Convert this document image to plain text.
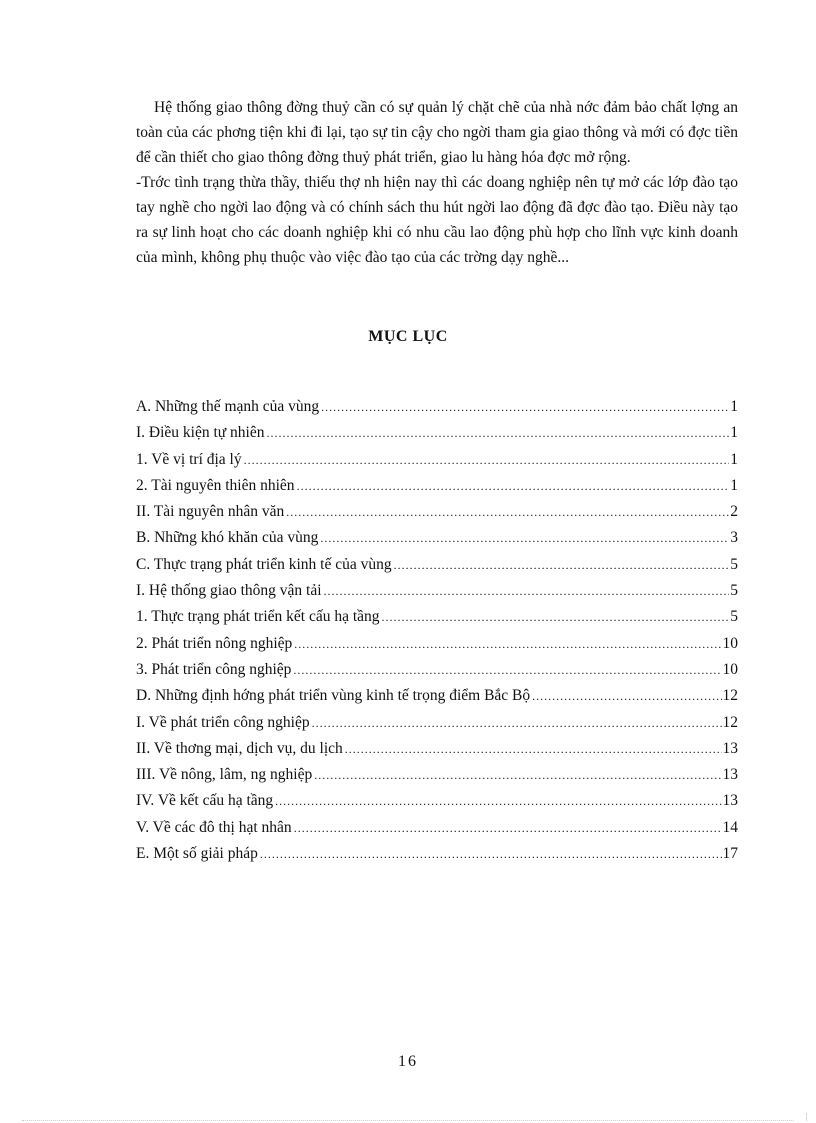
Hệ thống giao thông đờng thuỷ cần có sự quản lý chặt chẽ của nhà nớc đảm bảo chất lợng an toàn của các phơng tiện khi đi lại, tạo sự tin cậy cho ngời tham gia giao thông và mới có đợc tiền để cần thiết cho giao thông đờng thuỷ phát triển, giao lu hàng hóa đợc mở rộng.

-Trớc tình trạng thừa thầy, thiếu thợ nh hiện nay thì các doang nghiệp nên tự mở các lớp đào tạo tay nghề cho ngời lao động và có chính sách thu hút ngời lao động đã đợc đào tạo. Điều này tạo ra sự linh hoạt cho các doanh nghiệp khi có nhu cầu lao động phù hợp cho lĩnh vực kinh doanh của mình, không phụ thuộc vào việc đào tạo của các trờng dạy nghề...

MỤC LỤC
A. Những thế mạnh của vùng .....	1
I. Điều kiện tự nhiên .....	1
1. Về vị trí địa lý .....	1
2. Tài nguyên thiên nhiên .....	1
II. Tài nguyên nhân văn .....	2
B. Những khó khăn của vùng .....	3
C. Thực trạng phát triển kinh tế của vùng .....	5
I. Hệ thống giao thông vận tải .....	5
1. Thực trạng phát triển kết cấu hạ tầng .....	5
2. Phát triển nông nghiệp .....	10
3. Phát triển công nghiệp .....	10
D. Những định hớng phát triển vùng kinh tế trọng điểm Bắc Bộ .....	12
I. Về phát triển công nghiệp .....	12
II. Về thơng mại, dịch vụ, du lịch .....	13
III. Về nông, lâm, ng nghiệp .....	13
IV. Về kết cấu hạ tầng .....	13
V. Về các đô thị hạt nhân .....	14
E. Một số giải pháp .....	17
16
